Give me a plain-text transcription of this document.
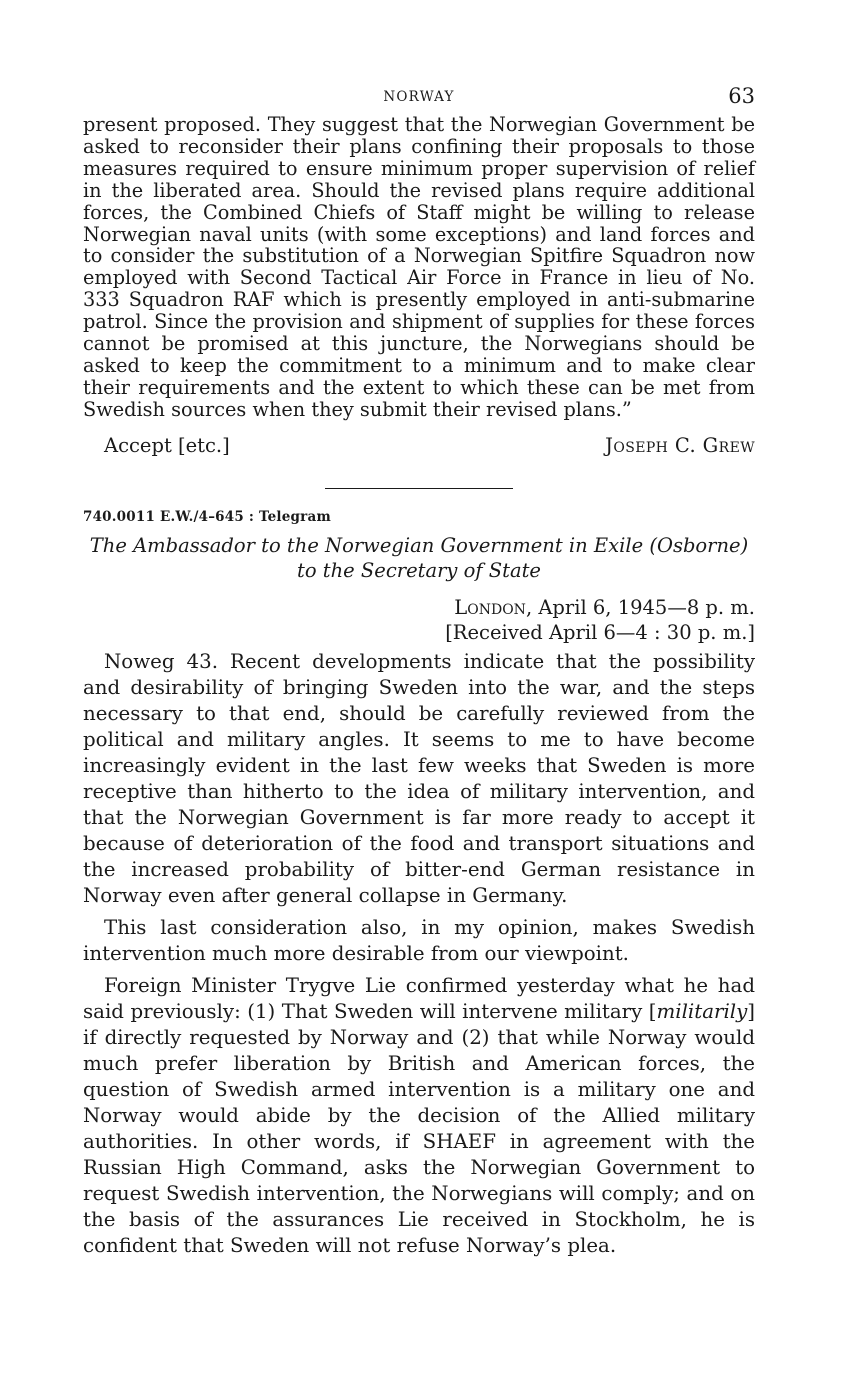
NORWAY	63

present proposed. They suggest that the Norwegian Government be asked to reconsider their plans confining their proposals to those measures required to ensure minimum proper supervision of relief in the liberated area. Should the revised plans require additional forces, the Combined Chiefs of Staff might be willing to release Norwegian naval units (with some exceptions) and land forces and to consider the substitution of a Norwegian Spitfire Squadron now employed with Second Tactical Air Force in France in lieu of No. 333 Squadron RAF which is presently employed in anti-submarine patrol. Since the provision and shipment of supplies for these forces cannot be promised at this juncture, the Norwegians should be asked to keep the commitment to a minimum and to make clear their requirements and the extent to which these can be met from Swedish sources when they submit their revised plans.”

Accept [etc.]	Joseph C. Grew
740.0011 E.W./4–645 : Telegram
The Ambassador to the Norwegian Government in Exile (Osborne) to the Secretary of State
London, April 6, 1945—8 p. m.
[Received April 6—4 : 30 p. m.]

Noweg 43. Recent developments indicate that the possibility and desirability of bringing Sweden into the war, and the steps necessary to that end, should be carefully reviewed from the political and military angles. It seems to me to have become increasingly evident in the last few weeks that Sweden is more receptive than hitherto to the idea of military intervention, and that the Norwegian Government is far more ready to accept it because of deterioration of the food and transport situations and the increased probability of bitter-end German resistance in Norway even after general collapse in Germany.

This last consideration also, in my opinion, makes Swedish intervention much more desirable from our viewpoint.

Foreign Minister Trygve Lie confirmed yesterday what he had said previously: (1) That Sweden will intervene military [militarily] if directly requested by Norway and (2) that while Norway would much prefer liberation by British and American forces, the question of Swedish armed intervention is a military one and Norway would abide by the decision of the Allied military authorities. In other words, if SHAEF in agreement with the Russian High Command, asks the Norwegian Government to request Swedish intervention, the Norwegians will comply; and on the basis of the assurances Lie received in Stockholm, he is confident that Sweden will not refuse Norway’s plea.
